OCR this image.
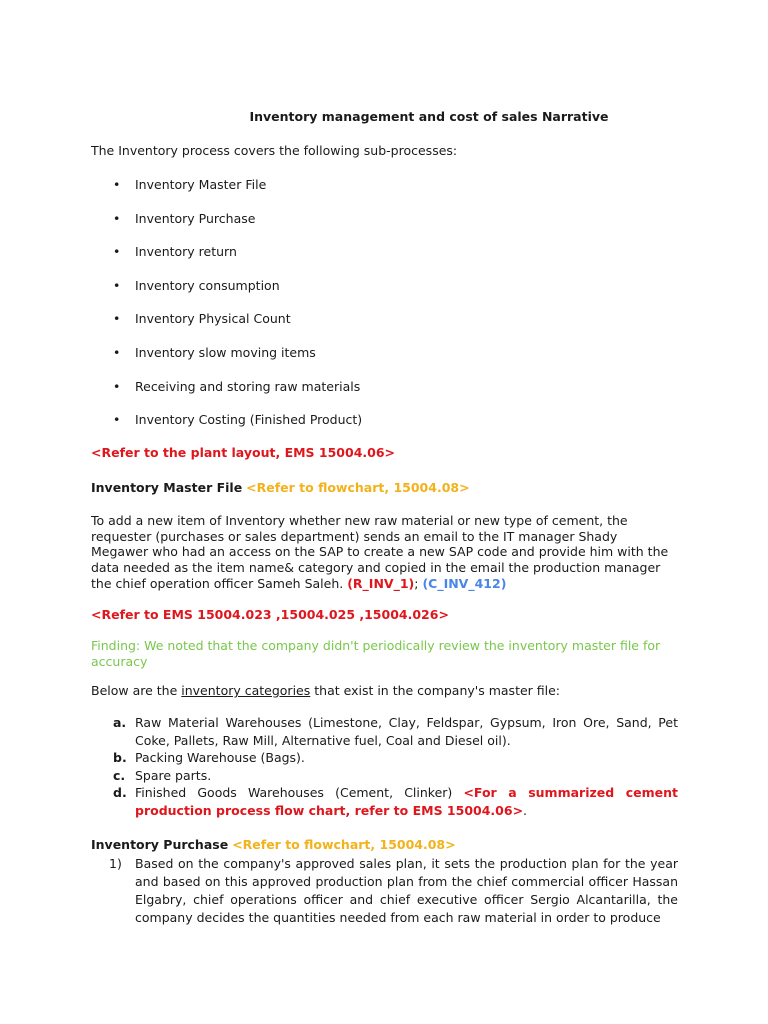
Inventory management and cost of sales Narrative
The Inventory process covers the following sub-processes:
• Inventory Master File
• Inventory Purchase
• Inventory return
• Inventory consumption
• Inventory Physical Count
• Inventory slow moving items
• Receiving and storing raw materials
• Inventory Costing (Finished Product)
<Refer to the plant layout, EMS 15004.06>
Inventory Master File <Refer to flowchart, 15004.08>
To add a new item of Inventory whether new raw material or new type of cement, the requester (purchases or sales department) sends an email to the IT manager Shady Megawer who had an access on the SAP to create a new SAP code and provide him with the data needed as the item name& category and copied in the email the production manager the chief operation officer Sameh Saleh. (R_INV_1); (C_INV_412)
<Refer to EMS 15004.023 ,15004.025 ,15004.026>
Finding: We noted that the company didn't periodically review the inventory master file for accuracy
Below are the inventory categories that exist in the company's master file:
a. Raw Material Warehouses (Limestone, Clay, Feldspar, Gypsum, Iron Ore, Sand, Pet Coke, Pallets, Raw Mill, Alternative fuel, Coal and Diesel oil).
b. Packing Warehouse (Bags).
c. Spare parts.
d. Finished Goods Warehouses (Cement, Clinker) <For a summarized cement production process flow chart, refer to EMS 15004.06>.
Inventory Purchase <Refer to flowchart, 15004.08>
1) Based on the company's approved sales plan, it sets the production plan for the year and based on this approved production plan from the chief commercial officer Hassan Elgabry, chief operations officer and chief executive officer Sergio Alcantarilla, the company decides the quantities needed from each raw material in order to produce
